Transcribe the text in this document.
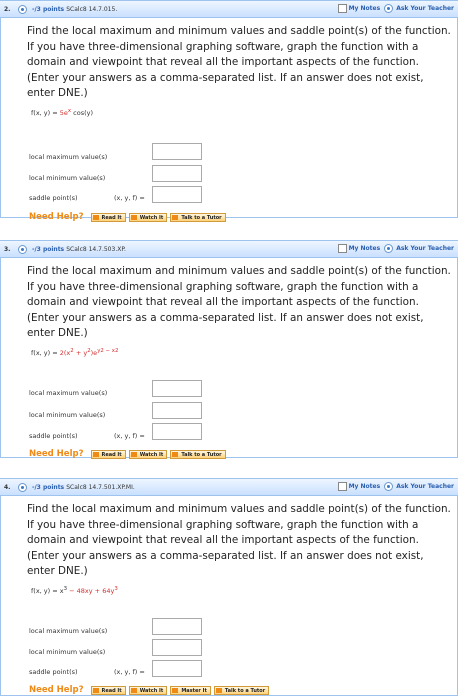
2.	-/3 points SCalc8 14.7.015.	My Notes	Ask Your Teacher

Find the local maximum and minimum values and saddle point(s) of the function. If you have three-dimensional graphing software, graph the function with a domain and viewpoint that reveal all the important aspects of the function. (Enter your answers as a comma-separated list. If an answer does not exist, enter DNE.)

f(x, $y) = 5e^x$ cos(y)
local maximum value(s)
local minimum value(s)
saddle point(s)	(x, y, f) =
Need Help?	Read It	Watch It	Talk to a Tutor
3.	-/3 points SCalc8 14.7.503.XP.	My Notes	Ask Your Teacher

Find the local maximum and minimum values and saddle point(s) of the function. If you have three-dimensional graphing software, graph the function with a domain and viewpoint that reveal all the important aspects of the function. (Enter your answers as a comma-separated list. If an answer does not exist, enter DNE.)

f(x, $y) = 2(x^2 + y^2)e^{y2 - x2}$
local maximum value(s)
local minimum value(s)
saddle point(s)	(x, y, f) =
Need Help?	Read It	Watch It	Talk to a Tutor
4.	-/3 points SCalc8 14.7.501.XP.MI.	My Notes	Ask Your Teacher

Find the local maximum and minimum values and saddle point(s) of the function. If you have three-dimensional graphing software, graph the function with a domain and viewpoint that reveal all the important aspects of the function. (Enter your answers as a comma-separated list. If an answer does not exist, enter DNE.)

f(x, $y) = x^3 - 48xy + 64y^3$
local maximum value(s)
local minimum value(s)
saddle point(s)	(x, y, f) =
Need Help?	Read It	Watch It	Master It	Talk to a Tutor
